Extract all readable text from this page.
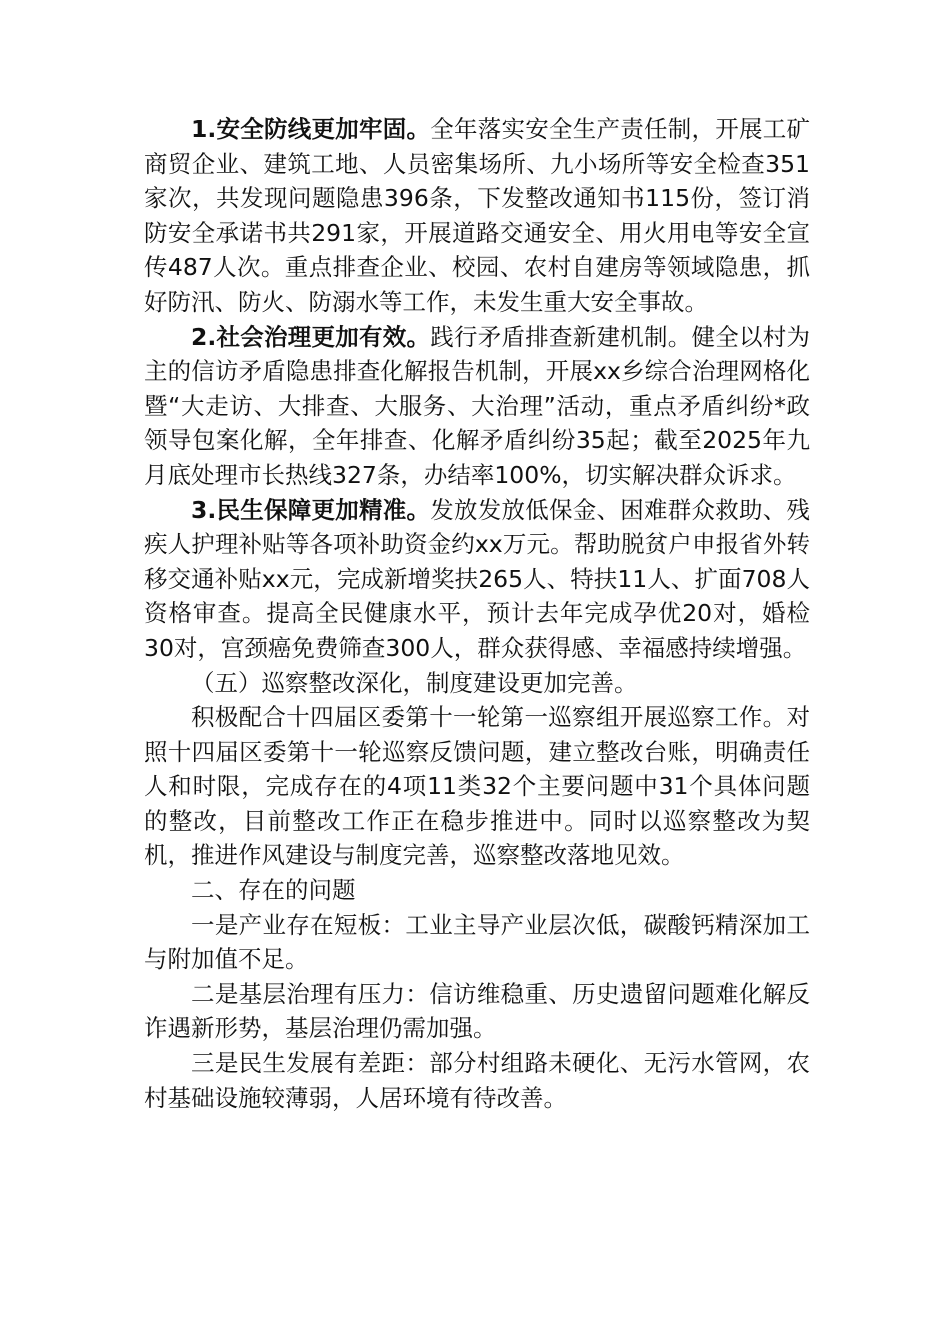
1.安全防线更加牢固。全年落实安全生产责任制，开展工矿商贸企业、建筑工地、人员密集场所、九小场所等安全检查351家次，共发现问题隐患396条，下发整改通知书115份，签订消防安全承诺书共291家，开展道路交通安全、用火用电等安全宣传487人次。重点排查企业、校园、农村自建房等领域隐患，抓好防汛、防火、防溺水等工作，未发生重大安全事故。

2.社会治理更加有效。践行矛盾排查新建机制。健全以村为主的信访矛盾隐患排查化解报告机制，开展xx乡综合治理网格化暨“大走访、大排查、大服务、大治理”活动，重点矛盾纠纷*政领导包案化解，全年排查、化解矛盾纠纷35起；截至2025年九月底处理市长热线327条，办结率100%，切实解决群众诉求。

3.民生保障更加精准。发放发放低保金、困难群众救助、残疾人护理补贴等各项补助资金约xx万元。帮助脱贫户申报省外转移交通补贴xx元，完成新增奖扶265人、特扶11人、扩面708人资格审查。提高全民健康水平，预计去年完成孕优20对，婚检30对，宫颈癌免费筛查300人，群众获得感、幸福感持续增强。

（五）巡察整改深化，制度建设更加完善。

积极配合十四届区委第十一轮第一巡察组开展巡察工作。对照十四届区委第十一轮巡察反馈问题，建立整改台账，明确责任人和时限，完成存在的4项11类32个主要问题中31个具体问题的整改，目前整改工作正在稳步推进中。同时以巡察整改为契机，推进作风建设与制度完善，巡察整改落地见效。

二、存在的问题

一是产业存在短板：工业主导产业层次低，碳酸钙精深加工与附加值不足。

二是基层治理有压力：信访维稳重、历史遗留问题难化解反诈遇新形势，基层治理仍需加强。

三是民生发展有差距：部分村组路未硬化、无污水管网，农村基础设施较薄弱，人居环境有待改善。
